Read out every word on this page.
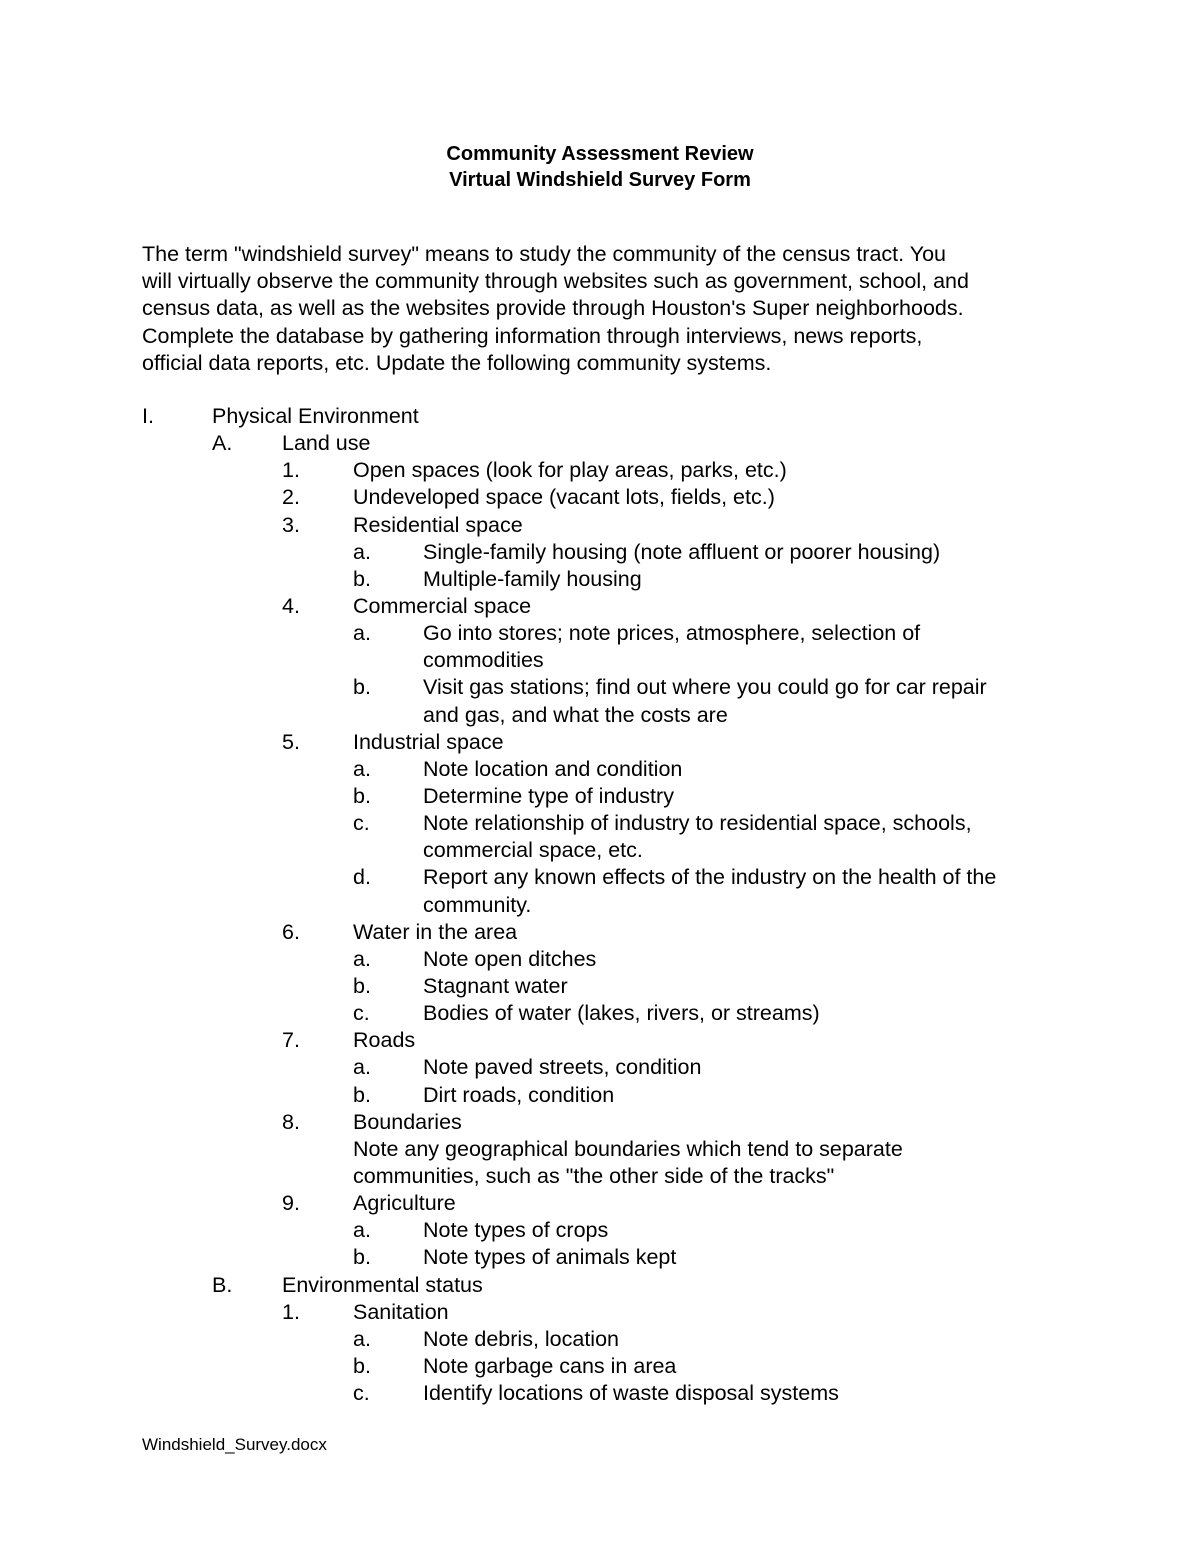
Community Assessment Review
Virtual Windshield Survey Form
The term "windshield survey" means to study the community of the census tract. You
will virtually observe the community through websites such as government, school, and
census data, as well as the websites provide through Houston's Super neighborhoods.
Complete the database by gathering information through interviews, news reports,
official data reports, etc. Update the following community systems.
I.	Physical Environment
A. Land use
1. Open spaces (look for play areas, parks, etc.)
2. Undeveloped space (vacant lots, fields, etc.)
3. Residential space
a. Single-family housing (note affluent or poorer housing)
b. Multiple-family housing
4. Commercial space
a. Go into stores; note prices, atmosphere, selection of
commodities
b. Visit gas stations; find out where you could go for car repair
and gas, and what the costs are
5. Industrial space
a. Note location and condition
b. Determine type of industry
c. Note relationship of industry to residential space, schools,
commercial space, etc.
d. Report any known effects of the industry on the health of the
community.
6. Water in the area
a. Note open ditches
b. Stagnant water
c. Bodies of water (lakes, rivers, or streams)
7. Roads
a. Note paved streets, condition
b. Dirt roads, condition
8. Boundaries
Note any geographical boundaries which tend to separate
communities, such as "the other side of the tracks"
9. Agriculture
a. Note types of crops
b. Note types of animals kept
B. Environmental status
1. Sanitation
a. Note debris, location
b. Note garbage cans in area
c. Identify locations of waste disposal systems
Windshield_Survey.docx
